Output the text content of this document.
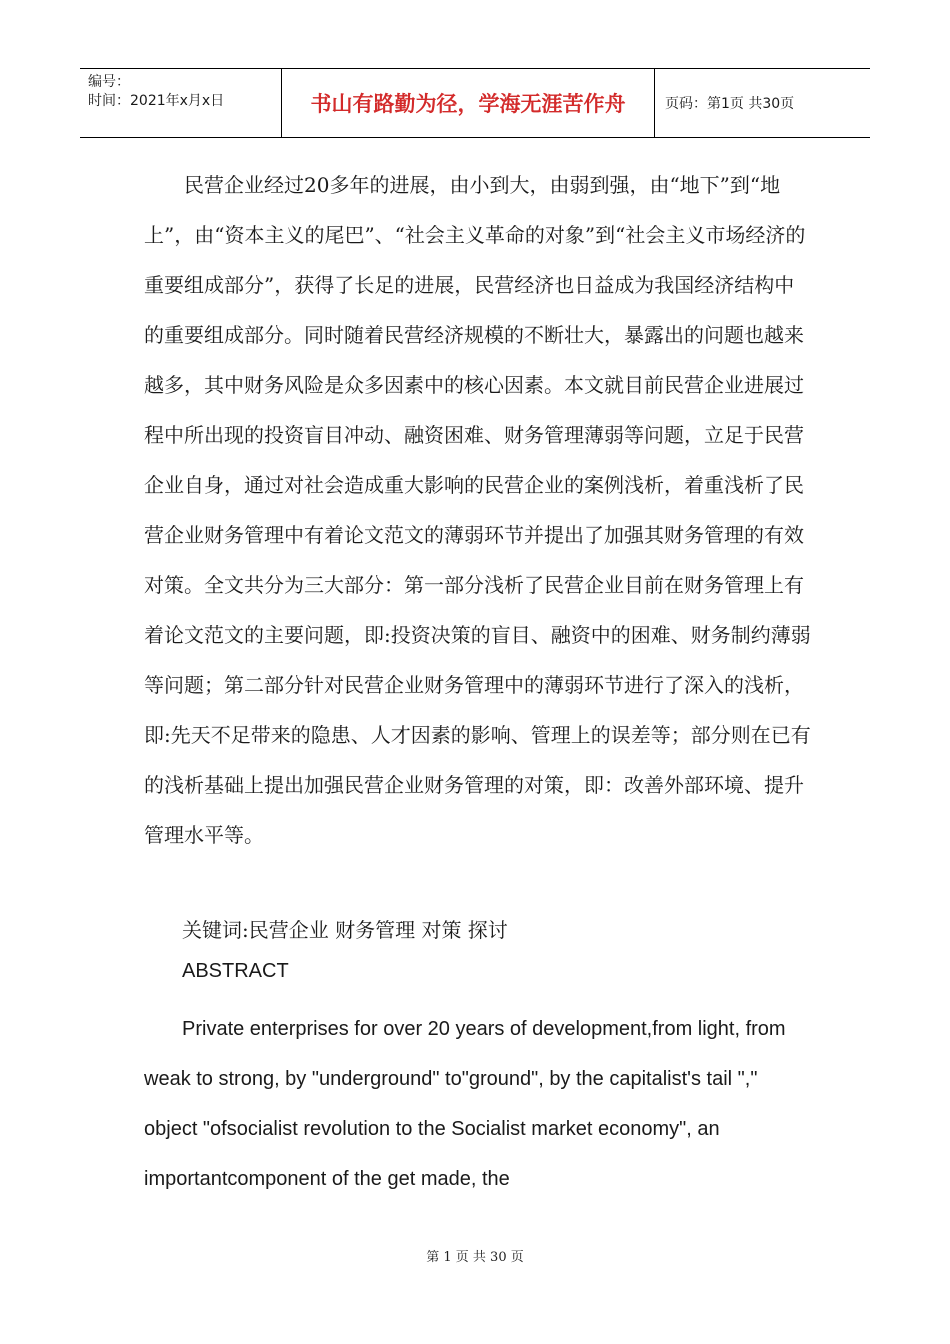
编号：
时间：2021年x月x日	书山有路勤为径，学海无涯苦作舟	页码：第1页 共30页

民营企业经过20多年的进展，由小到大，由弱到强，由“地下”到“地上”，由“资本主义的尾巴”、“社会主义革命的对象”到“社会主义市场经济的重要组成部分”，获得了长足的进展，民营经济也日益成为我国经济结构中的重要组成部分。同时随着民营经济规模的不断壮大，暴露出的问题也越来越多，其中财务风险是众多因素中的核心因素。本文就目前民营企业进展过程中所出现的投资盲目冲动、融资困难、财务管理薄弱等问题，立足于民营企业自身，通过对社会造成重大影响的民营企业的案例浅析，着重浅析了民营企业财务管理中有着论文范文的薄弱环节并提出了加强其财务管理的有效对策。全文共分为三大部分：第一部分浅析了民营企业目前在财务管理上有着论文范文的主要问题，即:投资决策的盲目、融资中的困难、财务制约薄弱等问题；第二部分针对民营企业财务管理中的薄弱环节进行了深入的浅析，即:先天不足带来的隐患、人才因素的影响、管理上的误差等；部分则在已有的浅析基础上提出加强民营企业财务管理的对策，即：改善外部环境、提升管理水平等。

关键词:民营企业 财务管理 对策 探讨
ABSTRACT

Private enterprises for over 20 years of development,from light, from weak to strong, by "underground" to"ground", by the capitalist's tail "," object "ofsocialist revolution to the Socialist market economy", an importantcomponent of the get made, the

第 1 页 共 30 页
